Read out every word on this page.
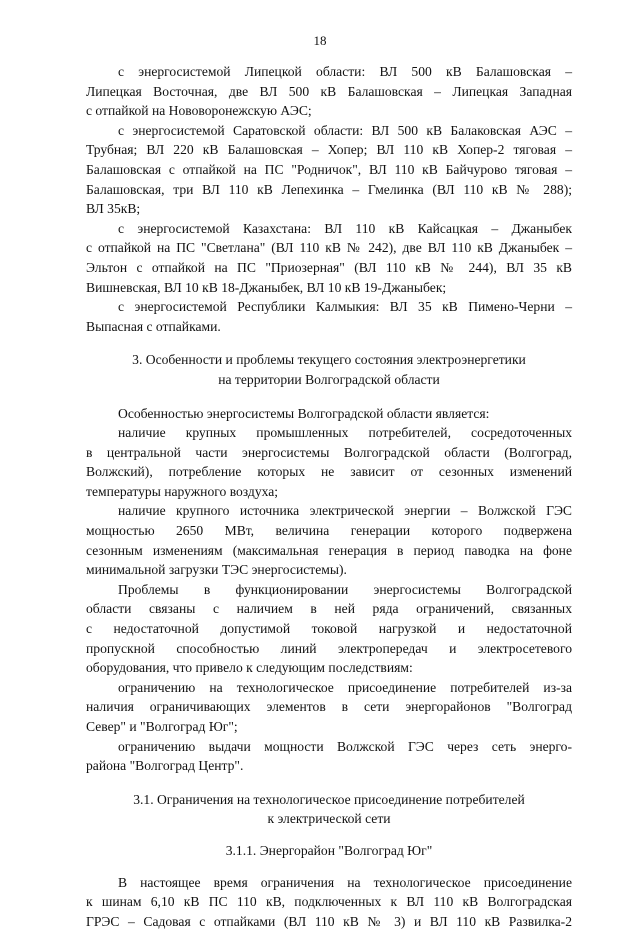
18
с энергосистемой Липецкой области: ВЛ 500 кВ Балашовская –
Липецкая Восточная, две ВЛ 500 кВ Балашовская – Липецкая Западная
с отпайкой на Нововоронежскую АЭС;
с энергосистемой Саратовской области: ВЛ 500 кВ Балаковская АЭС –
Трубная; ВЛ 220 кВ Балашовская – Хопер; ВЛ 110 кВ Хопер-2 тяговая –
Балашовская с отпайкой на ПС "Родничок", ВЛ 110 кВ Байчурово тяговая –
Балашовская, три ВЛ 110 кВ Лепехинка – Гмелинка (ВЛ 110 кВ № 288);
ВЛ 35кВ;
с энергосистемой Казахстана: ВЛ 110 кВ Кайсацкая – Джаныбек
с отпайкой на ПС "Светлана" (ВЛ 110 кВ № 242), две ВЛ 110 кВ Джаныбек –
Эльтон с отпайкой на ПС "Приозерная" (ВЛ 110 кВ № 244), ВЛ 35 кВ
Вишневская, ВЛ 10 кВ 18-Джаныбек, ВЛ 10 кВ 19-Джаныбек;
с энергосистемой Республики Калмыкия: ВЛ 35 кВ Пимено-Черни –
Выпасная с отпайками.
3. Особенности и проблемы текущего состояния электроэнергетики
на территории Волгоградской области
Особенностью энергосистемы Волгоградской области является:
наличие крупных промышленных потребителей, сосредоточенных
в центральной части энергосистемы Волгоградской области (Волгоград,
Волжский), потребление которых не зависит от сезонных изменений
температуры наружного воздуха;
наличие крупного источника электрической энергии – Волжской ГЭС
мощностью 2650 МВт, величина генерации которого подвержена
сезонным изменениям (максимальная генерация в период паводка на фоне
минимальной загрузки ТЭС энергосистемы).
Проблемы в функционировании энергосистемы Волгоградской
области связаны с наличием в ней ряда ограничений, связанных
с недостаточной допустимой токовой нагрузкой и недостаточной
пропускной способностью линий электропередач и электросетевого
оборудования, что привело к следующим последствиям:
ограничению на технологическое присоединение потребителей из-за
наличия ограничивающих элементов в сети энергорайонов "Волгоград
Север" и "Волгоград Юг";
ограничению выдачи мощности Волжской ГЭС через сеть энерго-
района "Волгоград Центр".
3.1. Ограничения на технологическое присоединение потребителей
к электрической сети
3.1.1. Энергорайон "Волгоград Юг"
В настоящее время ограничения на технологическое присоединение
к шинам 6,10 кВ ПС 110 кВ, подключенных к ВЛ 110 кВ Волгоградская
ГРЭС – Садовая с отпайками (ВЛ 110 кВ № 3) и ВЛ 110 кВ Развилка-2
